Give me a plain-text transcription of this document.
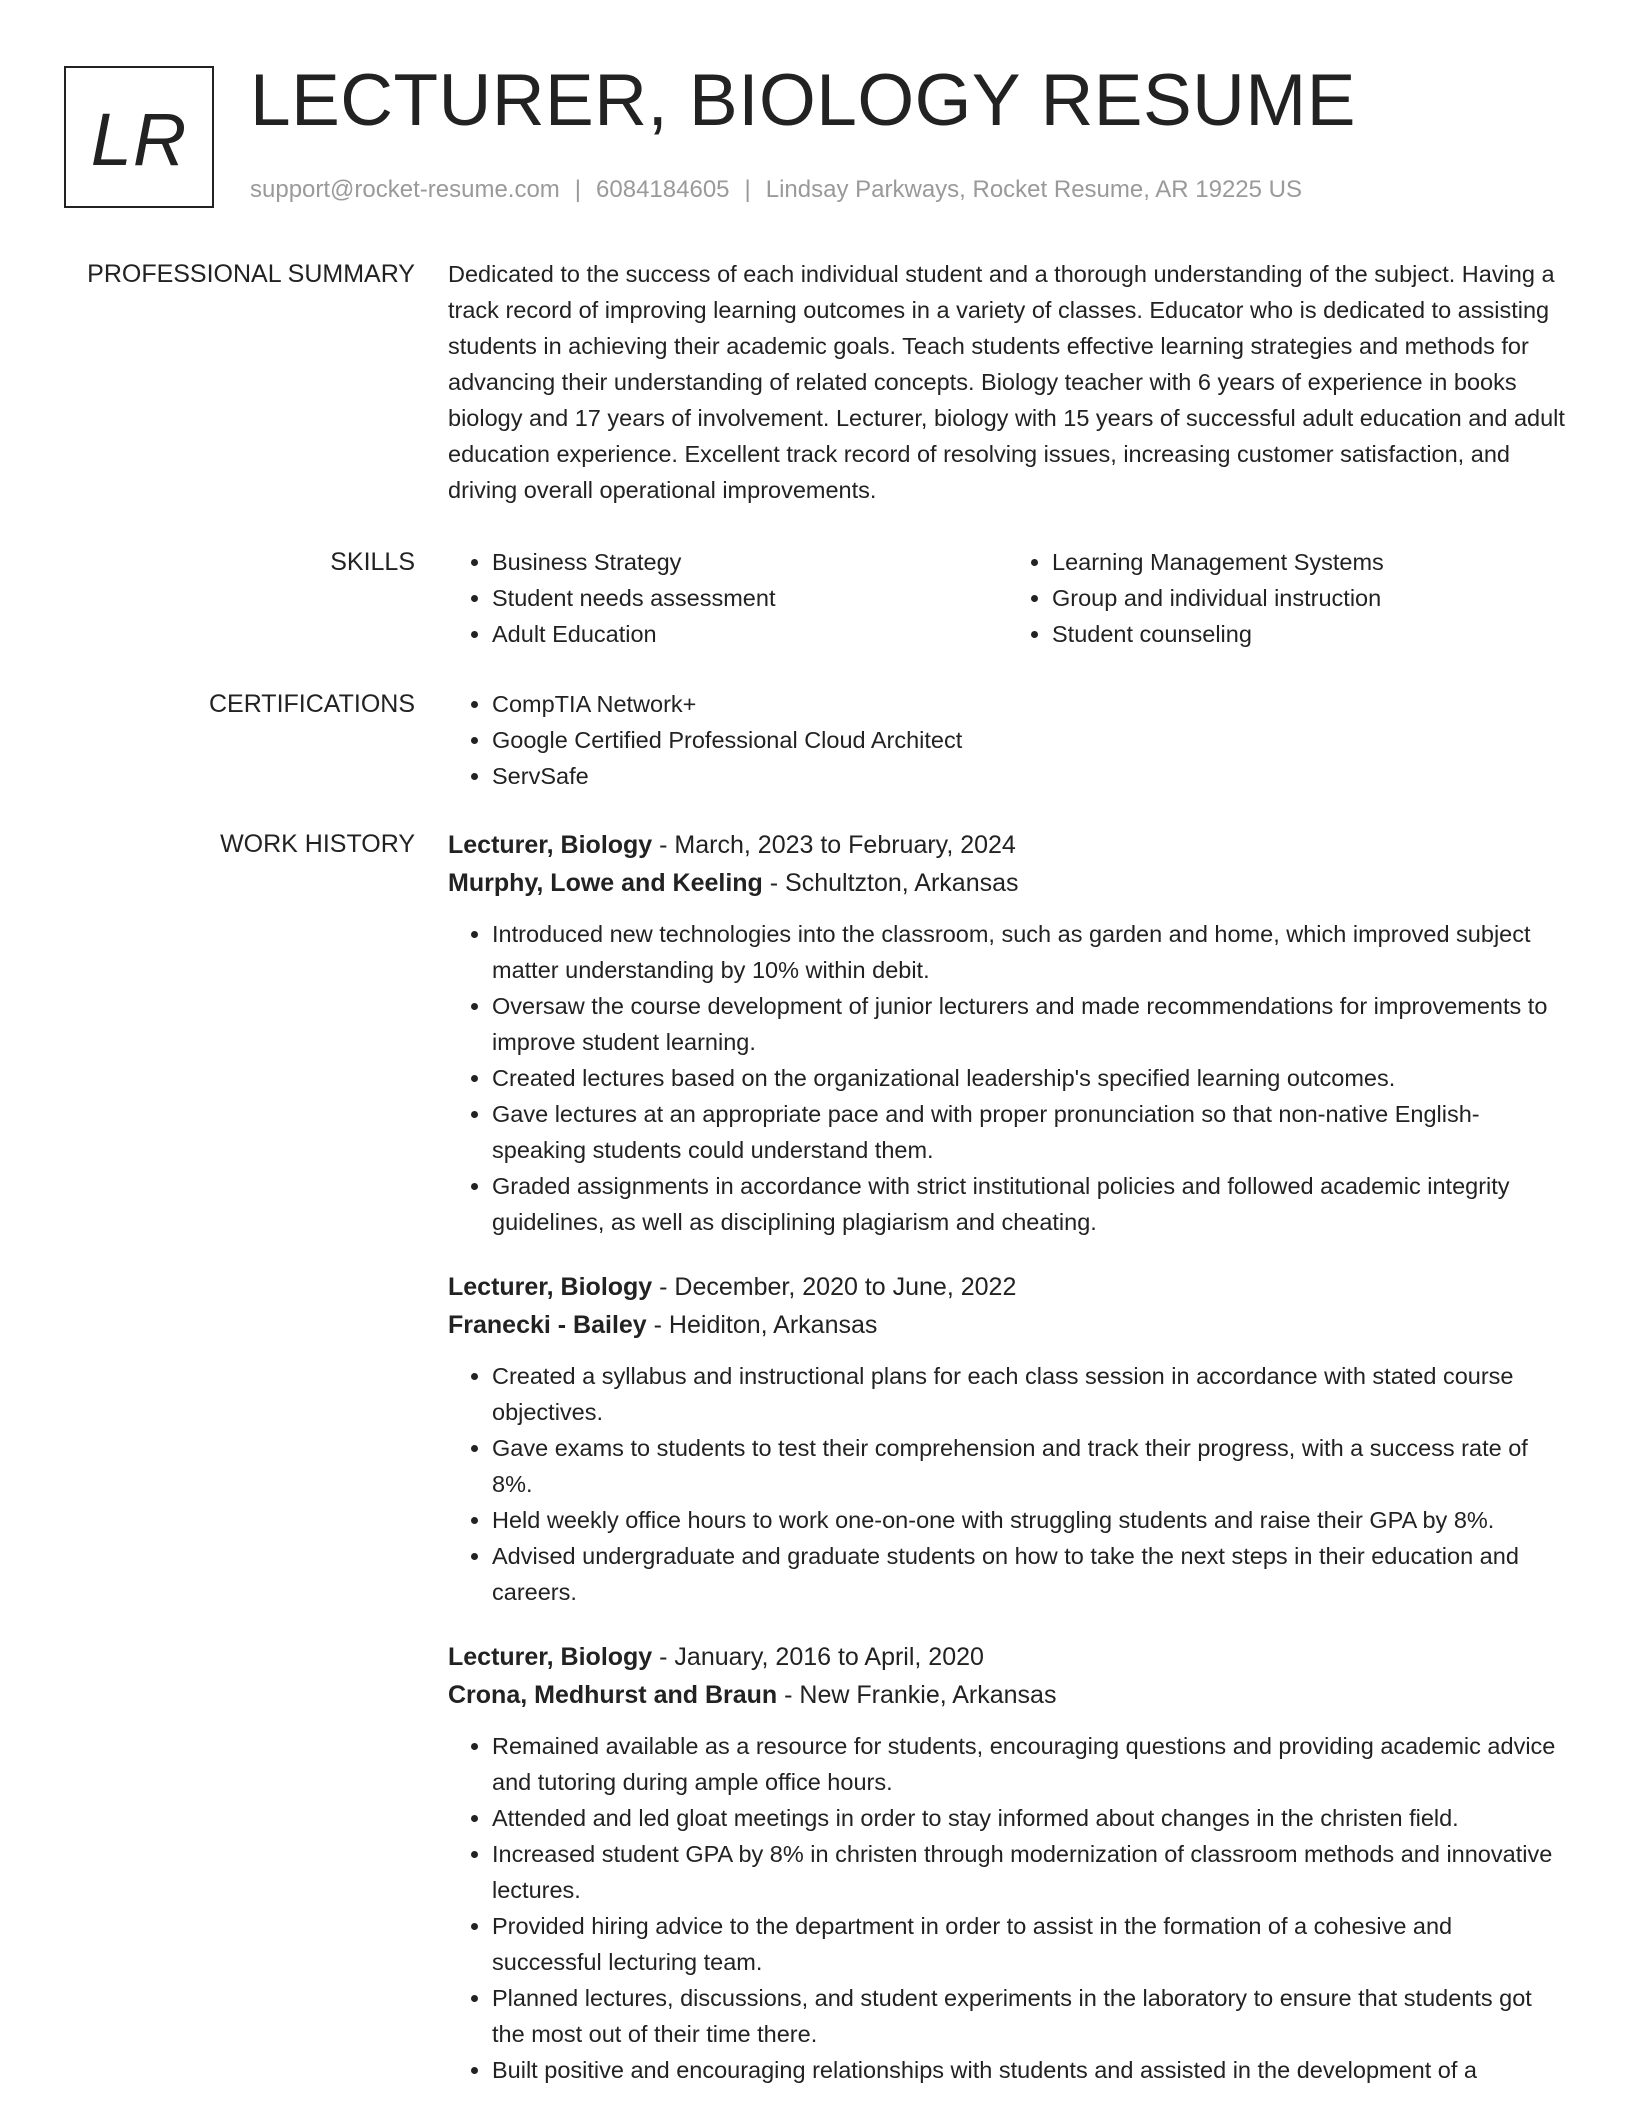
LR LECTURER, BIOLOGY RESUME
support@rocket-resume.com | 6084184605 | Lindsay Parkways, Rocket Resume, AR 19225 US
PROFESSIONAL SUMMARY Dedicated to the success of each individual student and a thorough understanding of the subject. Having a track record of improving learning outcomes in a variety of classes. Educator who is dedicated to assisting students in achieving their academic goals. Teach students effective learning strategies and methods for advancing their understanding of related concepts. Biology teacher with 6 years of experience in books biology and 17 years of involvement. Lecturer, biology with 15 years of successful adult education and adult education experience. Excellent track record of resolving issues, increasing customer satisfaction, and driving overall operational improvements.

SKILLS	• Business Strategy
• Student needs assessment
• Adult Education
• Learning Management Systems
• Group and individual instruction
• Student counseling
CERTIFICATIONS	• CompTIA Network+
• Google Certified Professional Cloud Architect
• ServSafe
WORK HISTORY Lecturer, Biology - March, 2023 to February, 2024
Murphy, Lowe and Keeling - Schultzton, Arkansas
• Introduced new technologies into the classroom, such as garden and home, which improved subject matter understanding by 10% within debit.
• Oversaw the course development of junior lecturers and made recommendations for improvements to improve student learning.
• Created lectures based on the organizational leadership's specified learning outcomes.
• Gave lectures at an appropriate pace and with proper pronunciation so that non-native English-speaking students could understand them.
• Graded assignments in accordance with strict institutional policies and followed academic integrity guidelines, as well as disciplining plagiarism and cheating.
Lecturer, Biology - December, 2020 to June, 2022
Franecki - Bailey - Heiditon, Arkansas
• Created a syllabus and instructional plans for each class session in accordance with stated course objectives.
• Gave exams to students to test their comprehension and track their progress, with a success rate of 8%.
• Held weekly office hours to work one-on-one with struggling students and raise their GPA by 8%.
• Advised undergraduate and graduate students on how to take the next steps in their education and careers.
Lecturer, Biology - January, 2016 to April, 2020
Crona, Medhurst and Braun - New Frankie, Arkansas
• Remained available as a resource for students, encouraging questions and providing academic advice and tutoring during ample office hours.
• Attended and led gloat meetings in order to stay informed about changes in the christen field.
• Increased student GPA by 8% in christen through modernization of classroom methods and innovative lectures.
• Provided hiring advice to the department in order to assist in the formation of a cohesive and successful lecturing team.
• Planned lectures, discussions, and student experiments in the laboratory to ensure that students got the most out of their time there.
• Built positive and encouraging relationships with students and assisted in the development of a
